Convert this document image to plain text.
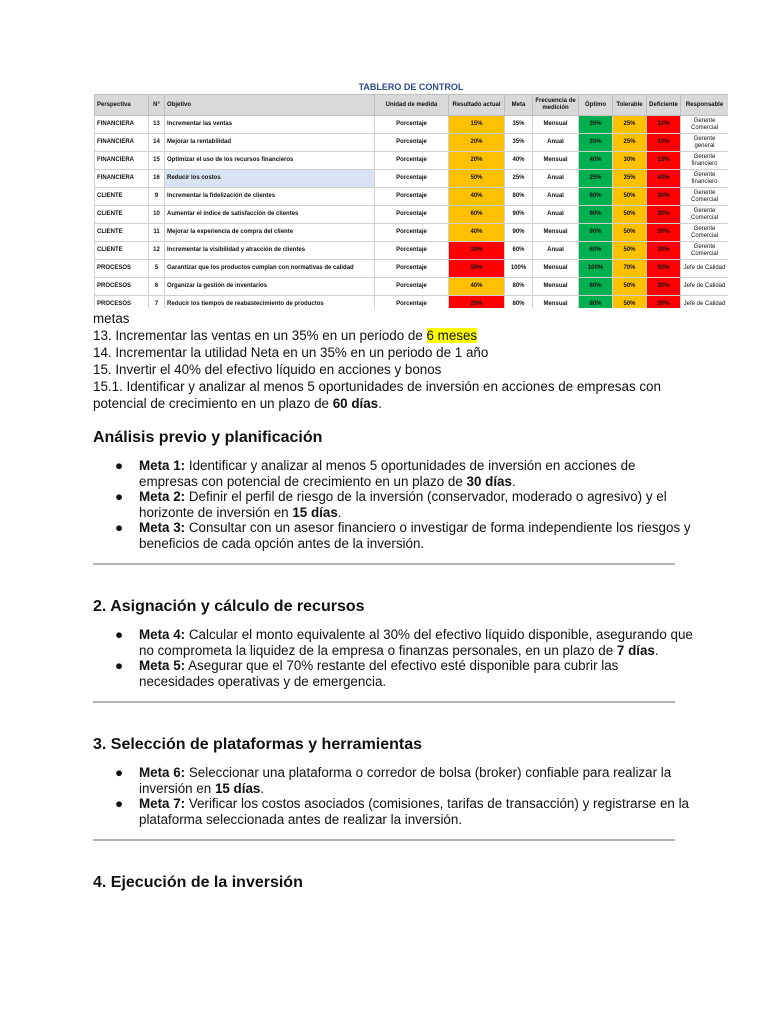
TABLERO DE CONTROL
Perspectiva	N°	Objetivo	Unidad de medida	Resultado actual	Meta	Frecuencia de medición	Óptimo	Tolerable	Deficiente	Responsable
FINANCIERA	13	Incrementar las ventas	Porcentaje	15%	35%	Mensual	35%	25%	10%	Gerente Comercial
FINANCIERA	14	Mejorar la rentabilidad	Porcentaje	20%	35%	Anual	35%	25%	10%	Gerente general
FINANCIERA	15	Optimizar el uso de los recursos financieros	Porcentaje	20%	40%	Mensual	40%	30%	15%	Gerente financiero
FINANCIERA	16	Reducir los costos	Porcentaje	50%	25%	Anual	25%	35%	40%	Gerente financiero
CLIENTE	9	Incrementar la fidelización de clientes	Porcentaje	40%	80%	Anual	80%	50%	30%	Gerente Comercial
CLIENTE	10	Aumentar el índice de satisfacción de clientes	Porcentaje	60%	90%	Anual	90%	50%	30%	Gerente Comercial
CLIENTE	11	Mejorar la experiencia de compra del cliente	Porcentaje	40%	90%	Mensual	90%	50%	30%	Gerente Comercial
CLIENTE	12	Incrementar la visibilidad y atracción de clientes	Porcentaje	30%	60%	Anual	60%	50%	30%	Gerente Comercial
PROCESOS	5	Garantizar que los productos cumplan con normativas de calidad	Porcentaje	50%	100%	Mensual	100%	70%	50%	Jefe de Calidad
PROCESOS	6	Organizar la gestión de inventarios	Porcentaje	40%	80%	Mensual	80%	50%	30%	Jefe de Calidad
PROCESOS	7	Reducir los tiempos de reabastecimiento de productos	Porcentaje	20%	80%	Mensual	80%	50%	30%	Jefe de Calidad

metas

13. Incrementar las ventas en un 35% en un periodo de 6 meses

14. Incrementar la utilidad Neta en un 35% en un periodo de 1 año

15. Invertir el 40% del efectivo líquido en acciones y bonos

15.1. Identificar y analizar al menos 5 oportunidades de inversión en acciones de empresas con potencial de crecimiento en un plazo de 60 días.

Análisis previo y planificación
● Meta 1: Identificar y analizar al menos 5 oportunidades de inversión en acciones de empresas con potencial de crecimiento en un plazo de 30 días.
● Meta 2: Definir el perfil de riesgo de la inversión (conservador, moderado o agresivo) y el horizonte de inversión en 15 días.
● Meta 3: Consultar con un asesor financiero o investigar de forma independiente los riesgos y beneficios de cada opción antes de la inversión.
2. Asignación y cálculo de recursos
● Meta 4: Calcular el monto equivalente al 30% del efectivo líquido disponible, asegurando que no comprometa la liquidez de la empresa o finanzas personales, en un plazo de 7 días.
● Meta 5: Asegurar que el 70% restante del efectivo esté disponible para cubrir las necesidades operativas y de emergencia.
3. Selección de plataformas y herramientas
● Meta 6: Seleccionar una plataforma o corredor de bolsa (broker) confiable para realizar la inversión en 15 días.
● Meta 7: Verificar los costos asociados (comisiones, tarifas de transacción) y registrarse en la plataforma seleccionada antes de realizar la inversión.
4. Ejecución de la inversión
